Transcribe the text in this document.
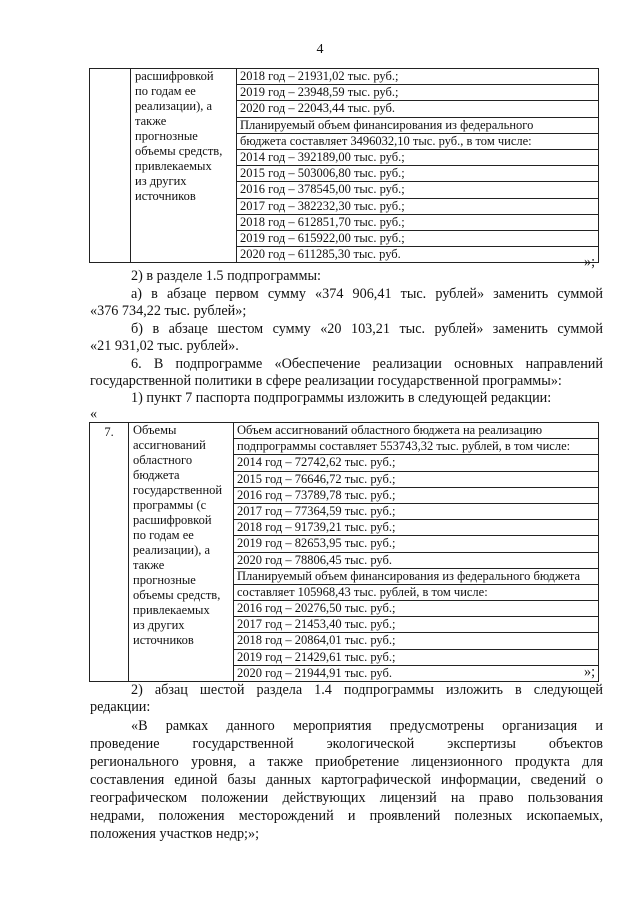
4

расшифровкой
по годам ее
реализации), а
также
прогнозные
объемы средств,
привлекаемых
из других
источников

2018 год – 21931,02 тыс. руб.;
2019 год – 23948,59 тыс. руб.;
2020 год – 22043,44 тыс. руб.
Планируемый объем финансирования из федерального
бюджета составляет 3496032,10 тыс. руб., в том числе:
2014 год – 392189,00 тыс. руб.;
2015 год – 503006,80 тыс. руб.;
2016 год – 378545,00 тыс. руб.;
2017 год – 382232,30 тыс. руб.;
2018 год – 612851,70 тыс. руб.;
2019 год – 615922,00 тыс. руб.;
2020 год – 611285,30 тыс. руб.	»;
2) в разделе 1.5 подпрограммы:
а) в абзаце первом сумму «374 906,41 тыс. рублей» заменить суммой
«376 734,22 тыс. рублей»;
б) в абзаце шестом сумму «20 103,21 тыс. рублей» заменить суммой
«21 931,02 тыс. рублей».
6. В подпрограмме «Обеспечение реализации основных направлений
государственной политики в сфере реализации государственной программы»:
1) пункт 7 паспорта подпрограммы изложить в следующей редакции:
«
7.	Объемы
ассигнований
областного
бюджета
государственной
программы (с
расшифровкой
по годам ее
реализации), а
также
прогнозные
объемы средств,
привлекаемых
из других
источников

Объем ассигнований областного бюджета на реализацию
подпрограммы составляет 553743,32 тыс. рублей, в том числе:
2014 год – 72742,62 тыс. руб.;
2015 год – 76646,72 тыс. руб.;
2016 год – 73789,78 тыс. руб.;
2017 год – 77364,59 тыс. руб.;
2018 год – 91739,21 тыс. руб.;
2019 год – 82653,95 тыс. руб.;
2020 год – 78806,45 тыс. руб.
Планируемый объем финансирования из федерального бюджета
составляет 105968,43 тыс. рублей, в том числе:
2016 год – 20276,50 тыс. руб.;
2017 год – 21453,40 тыс. руб.;
2018 год – 20864,01 тыс. руб.;
2019 год – 21429,61 тыс. руб.;
2020 год – 21944,91 тыс. руб.	»;
2) абзац шестой раздела 1.4 подпрограммы изложить в следующей
редакции:
«В рамках данного мероприятия предусмотрены организация и
проведение государственной экологической экспертизы объектов
регионального уровня, а также приобретение лицензионного продукта для
составления единой базы данных картографической информации, сведений о
географическом положении действующих лицензий на право пользования
недрами, положения месторождений и проявлений полезных ископаемых,
положения участков недр;»;
